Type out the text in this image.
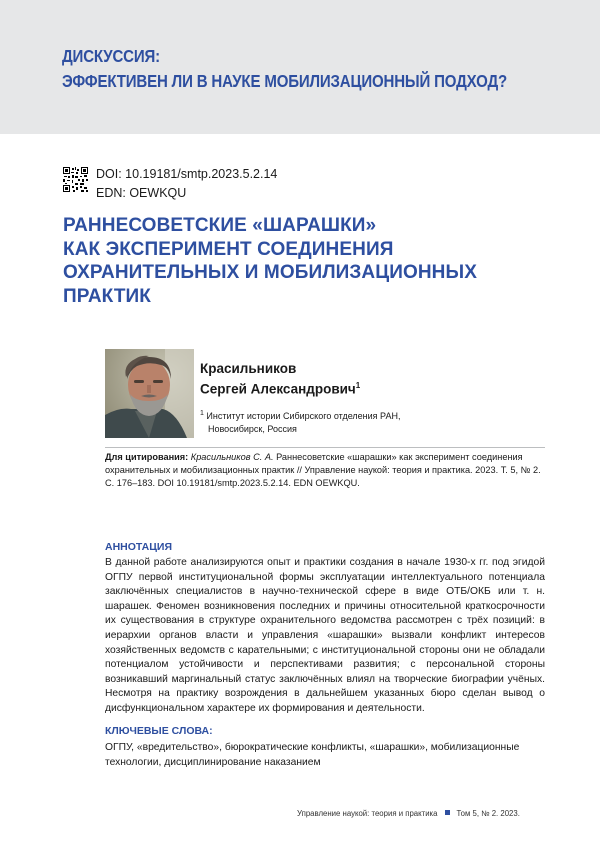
ДИСКУССИЯ:
ЭФФЕКТИВЕН ЛИ В НАУКЕ МОБИЛИЗАЦИОННЫЙ ПОДХОД?
DOI: 10.19181/smtp.2023.5.2.14
EDN: OEWKQU
РАННЕСОВЕТСКИЕ «ШАРАШКИ»
КАК ЭКСПЕРИМЕНТ СОЕДИНЕНИЯ
ОХРАНИТЕЛЬНЫХ И МОБИЛИЗАЦИОННЫХ
ПРАКТИК
Красильников
Сергей Александрович$^1$
$^1$ Институт истории Сибирского отделения РАН,
Новосибирск, Россия
Для цитирования: Красильников С. А. Раннесоветские «шарашки» как эксперимент соединения охранительных и мобилизационных практик // Управление наукой: теория и практика. 2023. Т. 5, № 2. С. 176–183. DOI 10.19181/smtp.2023.5.2.14. EDN OEWKQU.
АННОТАЦИЯ
В данной работе анализируются опыт и практики создания в начале 1930-х гг. под эгидой ОГПУ первой институциональной формы эксплуатации интеллектуального потенциала заключённых специалистов в научно-технической сфере в виде ОТБ/ОКБ или т. н. шарашек. Феномен возникновения последних и причины относительной краткосрочности их существования в структуре охранительного ведомства рассмотрен с трёх позиций: в иерархии органов власти и управления «шарашки» вызвали конфликт интересов хозяйственных ведомств с карательными; с институциональной стороны они не обладали потенциалом устойчивости и перспективами развития; с персональной стороны возникавший маргинальный статус заключённых влиял на творческие биографии учёных. Несмотря на практику возрождения в дальнейшем указанных бюро сделан вывод о дисфункциональном характере их формирования и деятельности.
КЛЮЧЕВЫЕ СЛОВА:
ОГПУ, «вредительство», бюрократические конфликты, «шарашки», мобилизационные технологии, дисциплинирование наказанием
Управление наукой: теория и практика Том 5, № 2. 2023.
